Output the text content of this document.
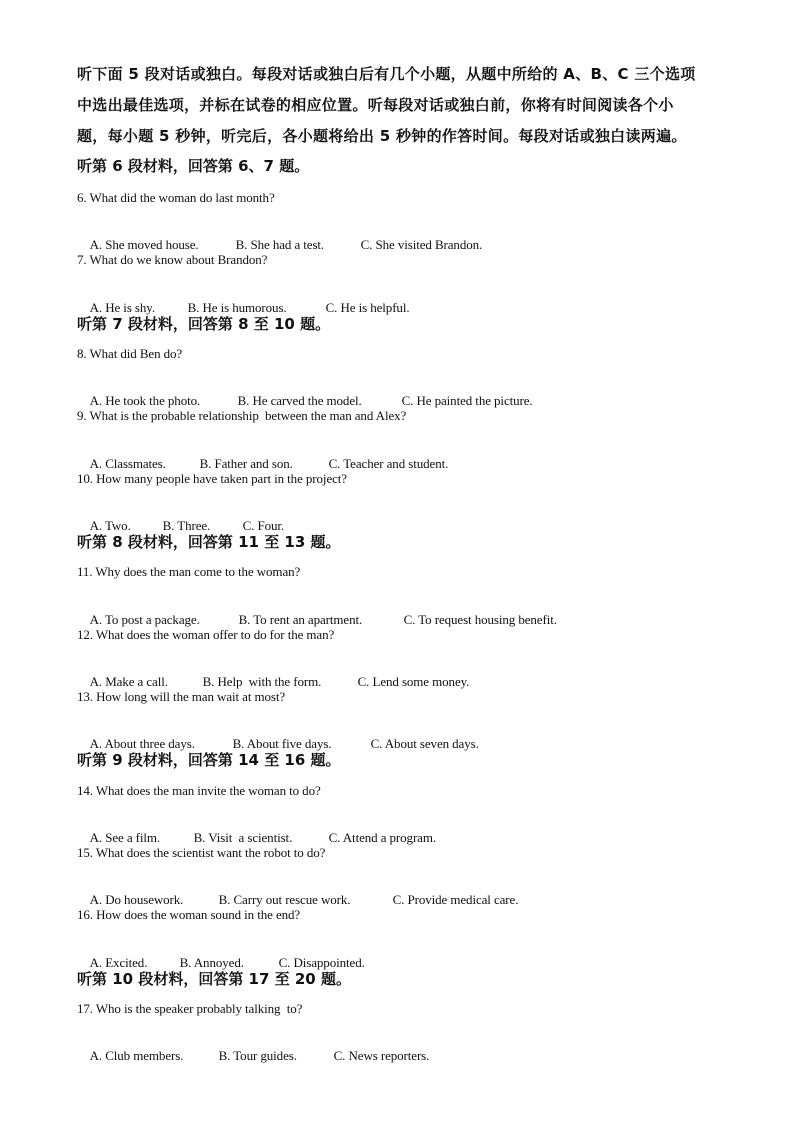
听下面 5 段对话或独白。每段对话或独白后有几个小题，从题中所给的 A、B、C 三个选项

中选出最佳选项，并标在试卷的相应位置。听每段对话或独白前，你将有时间阅读各个小

题，每小题 5 秒钟，听完后，各小题将给出 5 秒钟的作答时间。每段对话或独白读两遍。

听第 6 段材料，回答第 6、7 题。
6. What did the woman do last month?

A. She moved house.	B. She had a test.	C. She visited Brandon.

7. What do we know about Brandon?

A. He is shy.	B. He is humorous.	C. He is helpful.

听第 7 段材料，回答第 8 至 10 题。
8. What did Ben do?

A. He took the photo.	B. He carved the model.	C. He painted the picture.

9. What is the probable relationship  between the man and Alex?

A. Classmates.	B. Father and son.	C. Teacher and student.

10. How many people have taken part in the project?

A. Two. B. Three. C. Four.

听第 8 段材料，回答第 11 至 13 题。
11. Why does the man come to the woman?

A. To post a package.	B. To rent an apartment.	C. To request housing benefit.

12. What does the woman offer to do for the man?

A. Make a call.	B. Help  with the form.	C. Lend some money.

13. How long will the man wait at most?

A. About three days.	B. About five days.	C. About seven days.

听第 9 段材料，回答第 14 至 16 题。
14. What does the man invite the woman to do?

A. See a film.	B. Visit  a scientist.	C. Attend a program.

15. What does the scientist want the robot to do?

A. Do housework.	B. Carry out rescue work.	C. Provide medical care.

16. How does the woman sound in the end?

A. Excited. B. Annoyed.	C. Disappointed.

听第 10 段材料，回答第 17 至 20 题。
17. Who is the speaker probably talking  to?

A. Club members.	B. Tour guides.	C. News reporters.
